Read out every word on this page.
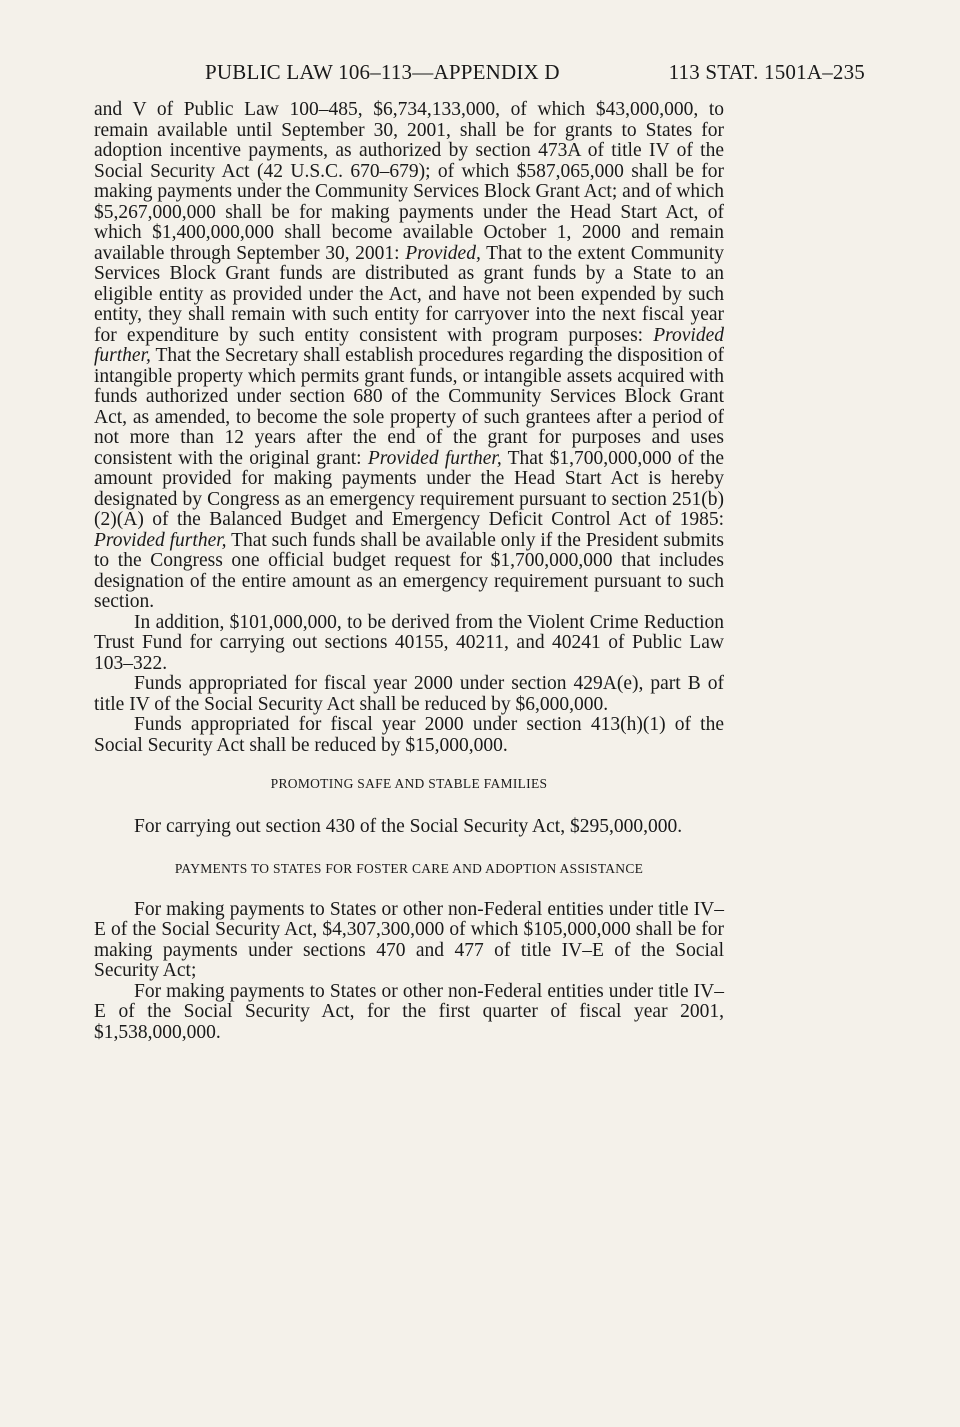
PUBLIC LAW 106–113—APPENDIX D	113 STAT. 1501A–235

and V of Public Law 100–485, $6,734,133,000, of which $43,000,000, to remain available until September 30, 2001, shall be for grants to States for adoption incentive payments, as authorized by section 473A of title IV of the Social Security Act (42 U.S.C. 670–679); of which $587,065,000 shall be for making payments under the Community Services Block Grant Act; and of which $5,267,000,000 shall be for making payments under the Head Start Act, of which $1,400,000,000 shall become available October 1, 2000 and remain available through September 30, 2001: Provided, That to the extent Community Services Block Grant funds are distributed as grant funds by a State to an eligible entity as provided under the Act, and have not been expended by such entity, they shall remain with such entity for carryover into the next fiscal year for expenditure by such entity consistent with program purposes: Provided further, That the Secretary shall establish procedures regarding the disposition of intangible property which permits grant funds, or intangible assets acquired with funds authorized under section 680 of the Community Services Block Grant Act, as amended, to become the sole property of such grantees after a period of not more than 12 years after the end of the grant for purposes and uses consistent with the original grant: Provided further, That $1,700,000,000 of the amount provided for making payments under the Head Start Act is hereby designated by Congress as an emergency requirement pursuant to section 251(b)(2)(A) of the Balanced Budget and Emergency Deficit Control Act of 1985: Provided further, That such funds shall be available only if the President submits to the Congress one official budget request for $1,700,000,000 that includes designation of the entire amount as an emergency requirement pursuant to such section.

In addition, $101,000,000, to be derived from the Violent Crime Reduction Trust Fund for carrying out sections 40155, 40211, and 40241 of Public Law 103–322.

Funds appropriated for fiscal year 2000 under section 429A(e), part B of title IV of the Social Security Act shall be reduced by $6,000,000.

Funds appropriated for fiscal year 2000 under section 413(h)(1) of the Social Security Act shall be reduced by $15,000,000.

PROMOTING SAFE AND STABLE FAMILIES

For carrying out section 430 of the Social Security Act, $295,000,000.

PAYMENTS TO STATES FOR FOSTER CARE AND ADOPTION ASSISTANCE

For making payments to States or other non-Federal entities under title IV–E of the Social Security Act, $4,307,300,000 of which $105,000,000 shall be for making payments under sections 470 and 477 of title IV–E of the Social Security Act;

For making payments to States or other non-Federal entities under title IV–E of the Social Security Act, for the first quarter of fiscal year 2001, $1,538,000,000.
